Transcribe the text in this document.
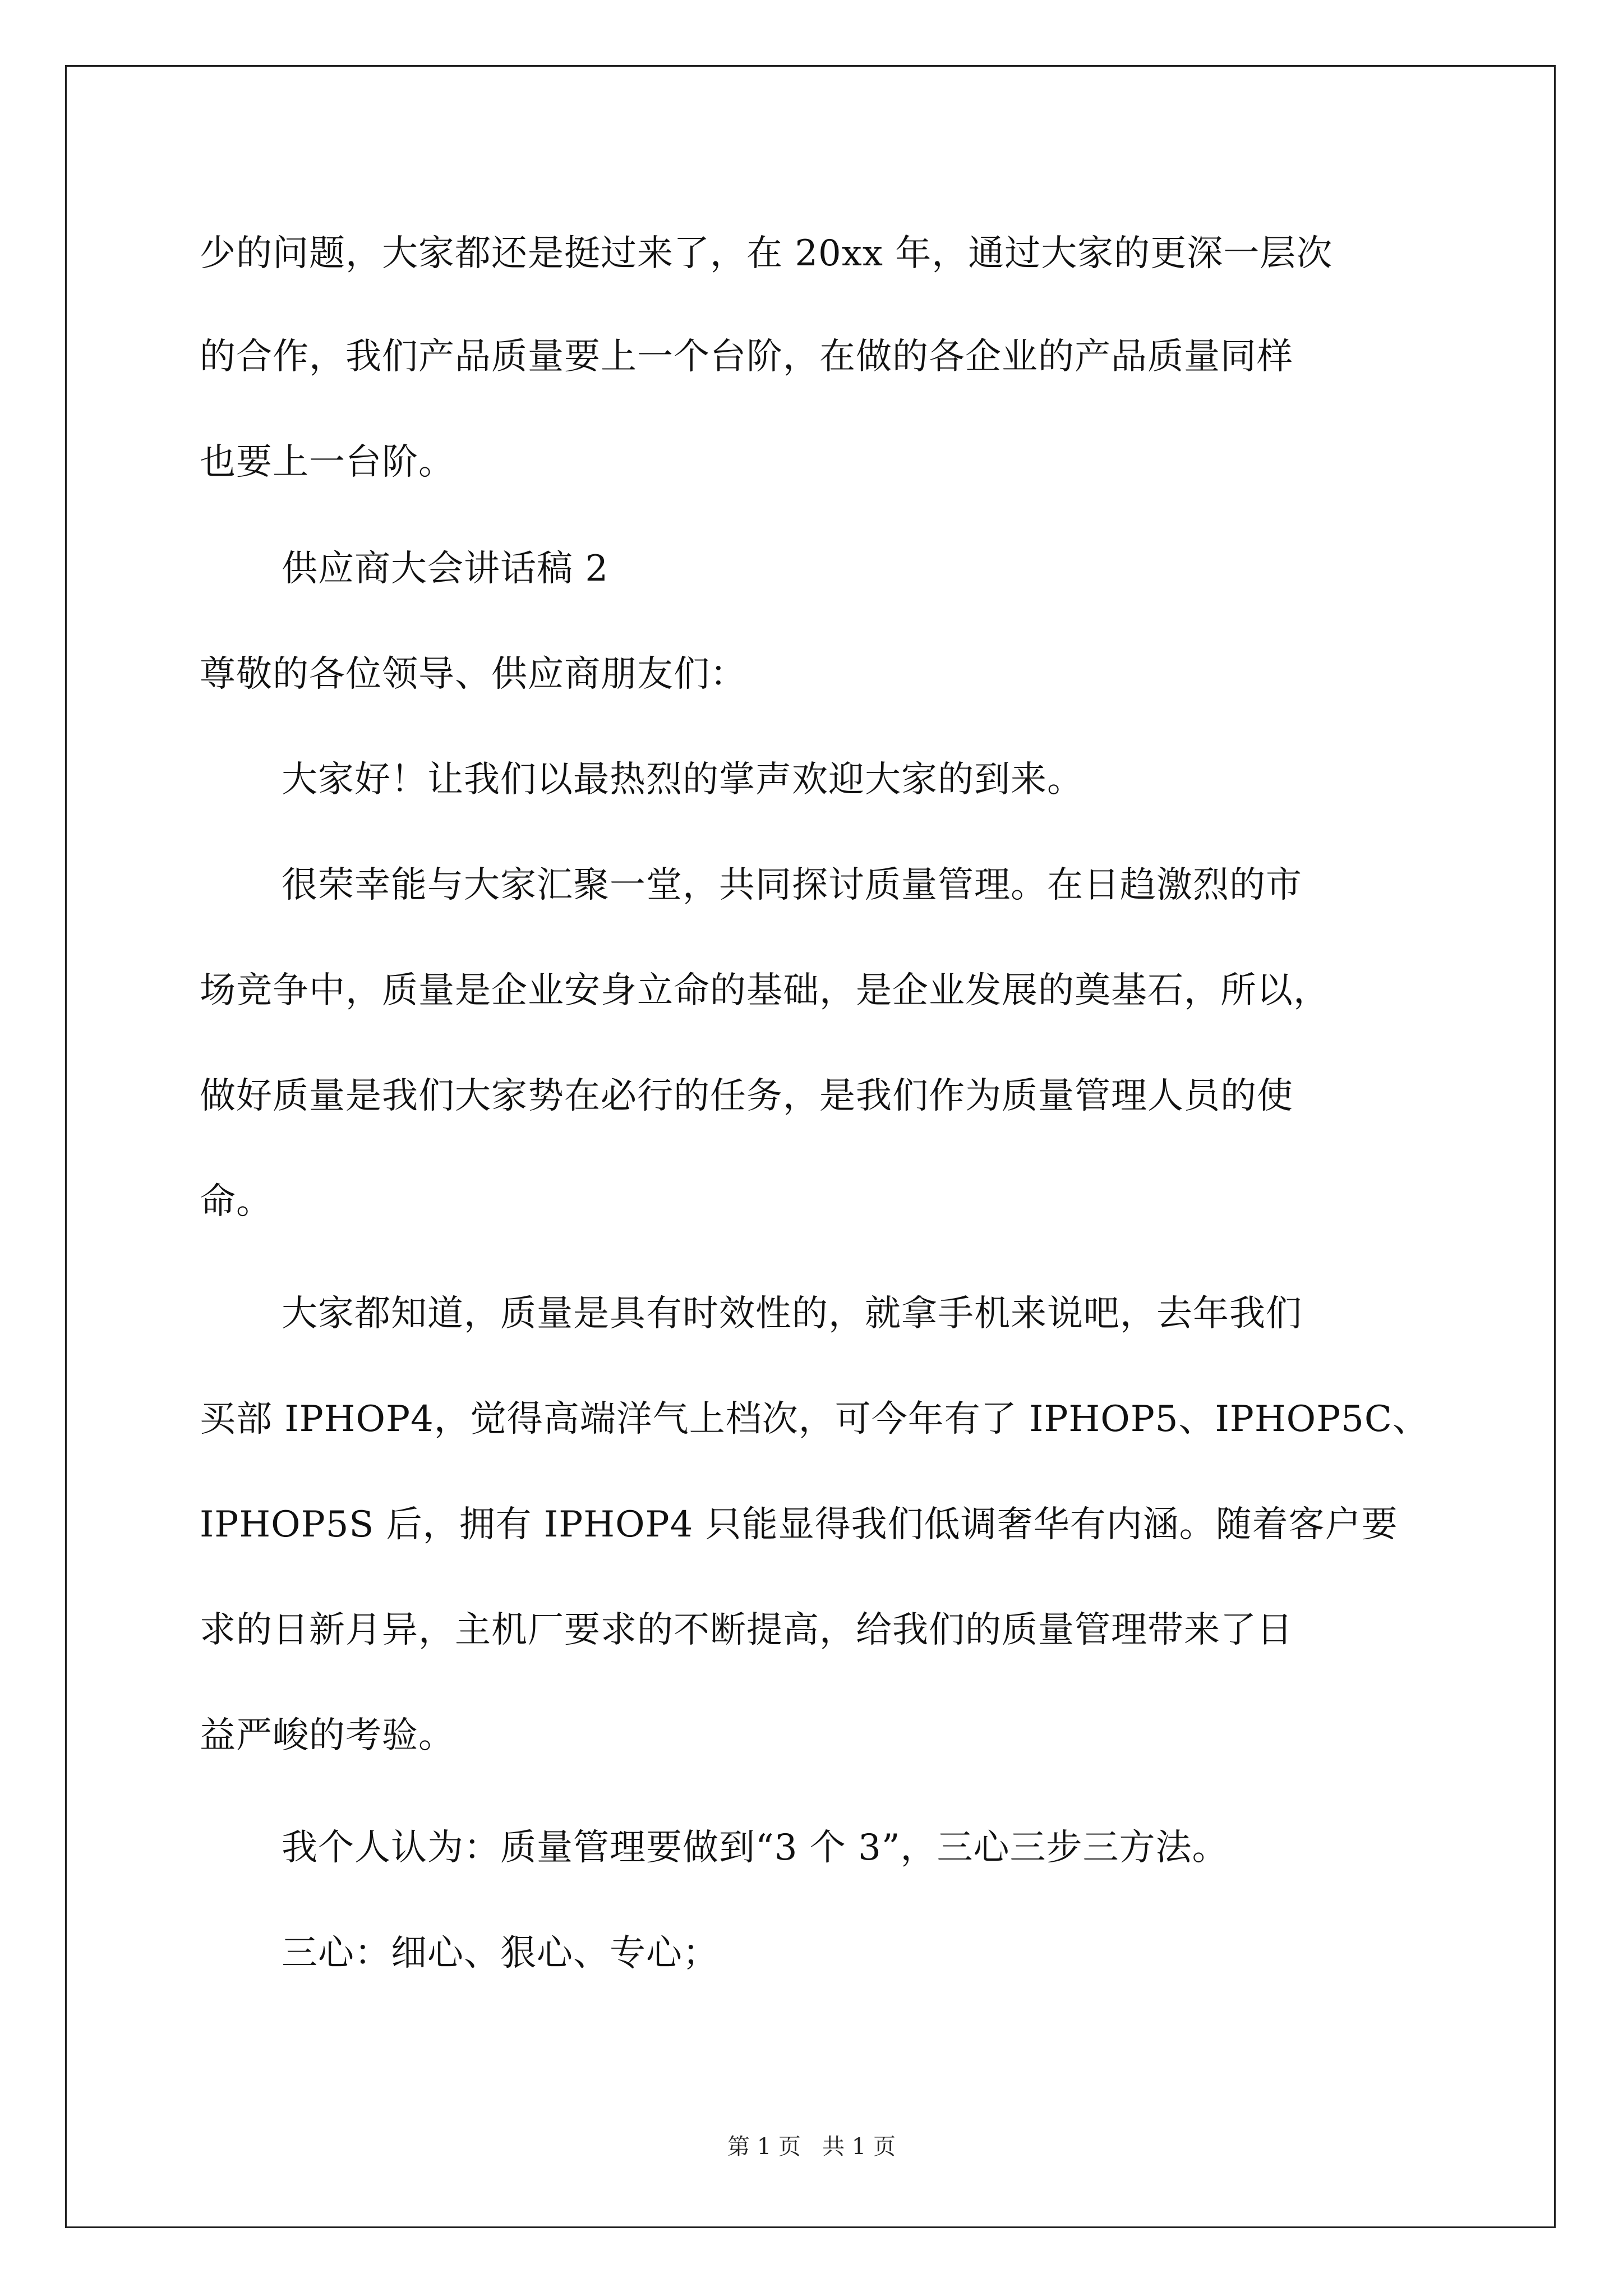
少的问题，大家都还是挺过来了，在 20xx 年，通过大家的更深一层次
的合作，我们产品质量要上一个台阶，在做的各企业的产品质量同样
也要上一台阶。
供应商大会讲话稿 2
尊敬的各位领导、供应商朋友们：
大家好！让我们以最热烈的掌声欢迎大家的到来。
很荣幸能与大家汇聚一堂，共同探讨质量管理。在日趋激烈的市
场竞争中，质量是企业安身立命的基础，是企业发展的奠基石，所以，
做好质量是我们大家势在必行的任务，是我们作为质量管理人员的使
命。
大家都知道，质量是具有时效性的，就拿手机来说吧，去年我们
买部 IPHOP4，觉得高端洋气上档次，可今年有了 IPHOP5、IPHOP5C、
IPHOP5S 后，拥有 IPHOP4 只能显得我们低调奢华有内涵。随着客户要
求的日新月异，主机厂要求的不断提高，给我们的质量管理带来了日
益严峻的考验。
我个人认为：质量管理要做到“3 个 3”，三心三步三方法。
三心：细心、狠心、专心；
第 1 页   共 1 页
